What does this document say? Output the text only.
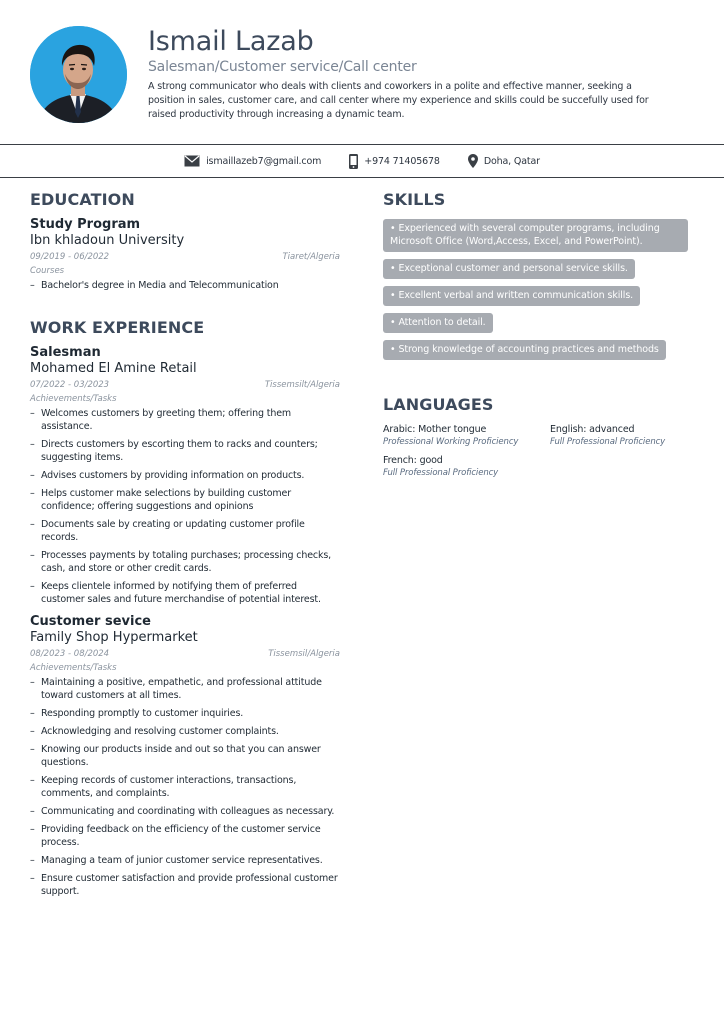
Ismail Lazab
Salesman/Customer service/Call center

A strong communicator who deals with clients and coworkers in a polite and effective manner, seeking a position in sales, customer care, and call center where my experience and skills could be succefully used for raised productivity through increasing a dynamic team.

ismaillazeb7@gmail.com	+974 71405678	Doha, Qatar
EDUCATION
Study Program
Ibn khladoun University
09/2019 - 06/2022	Tiaret/Algeria
Courses
– Bachelor's degree in Media and Telecommunication
WORK EXPERIENCE
Salesman
Mohamed El Amine Retail
07/2022 - 03/2023	Tissemsilt/Algeria
Achievements/Tasks
– Welcomes customers by greeting them; offering them assistance.
– Directs customers by escorting them to racks and counters; suggesting items.
– Advises customers by providing information on products.
– Helps customer make selections by building customer confidence; offering suggestions and opinions
– Documents sale by creating or updating customer profile records.
– Processes payments by totaling purchases; processing checks, cash, and store or other credit cards.
– Keeps clientele informed by notifying them of preferred customer sales and future merchandise of potential interest.
Customer sevice
Family Shop Hypermarket
08/2023 - 08/2024	Tissemsil/Algeria
Achievements/Tasks
– Maintaining a positive, empathetic, and professional attitude toward customers at all times.
– Responding promptly to customer inquiries.
– Acknowledging and resolving customer complaints.
– Knowing our products inside and out so that you can answer questions.
– Keeping records of customer interactions, transactions, comments, and complaints.
– Communicating and coordinating with colleagues as necessary.
– Providing feedback on the efficiency of the customer service process.
– Managing a team of junior customer service representatives.
– Ensure customer satisfaction and provide professional customer support.
SKILLS
• Experienced with several computer programs, including Microsoft Office (Word,Access, Excel, and PowerPoint).
• Exceptional customer and personal service skills.
• Excellent verbal and written communication skills.
• Attention to detail.
• Strong knowledge of accounting practices and methods
LANGUAGES
Arabic: Mother tongue
Professional Working Proficiency
English: advanced
Full Professional Proficiency
French: good
Full Professional Proficiency
